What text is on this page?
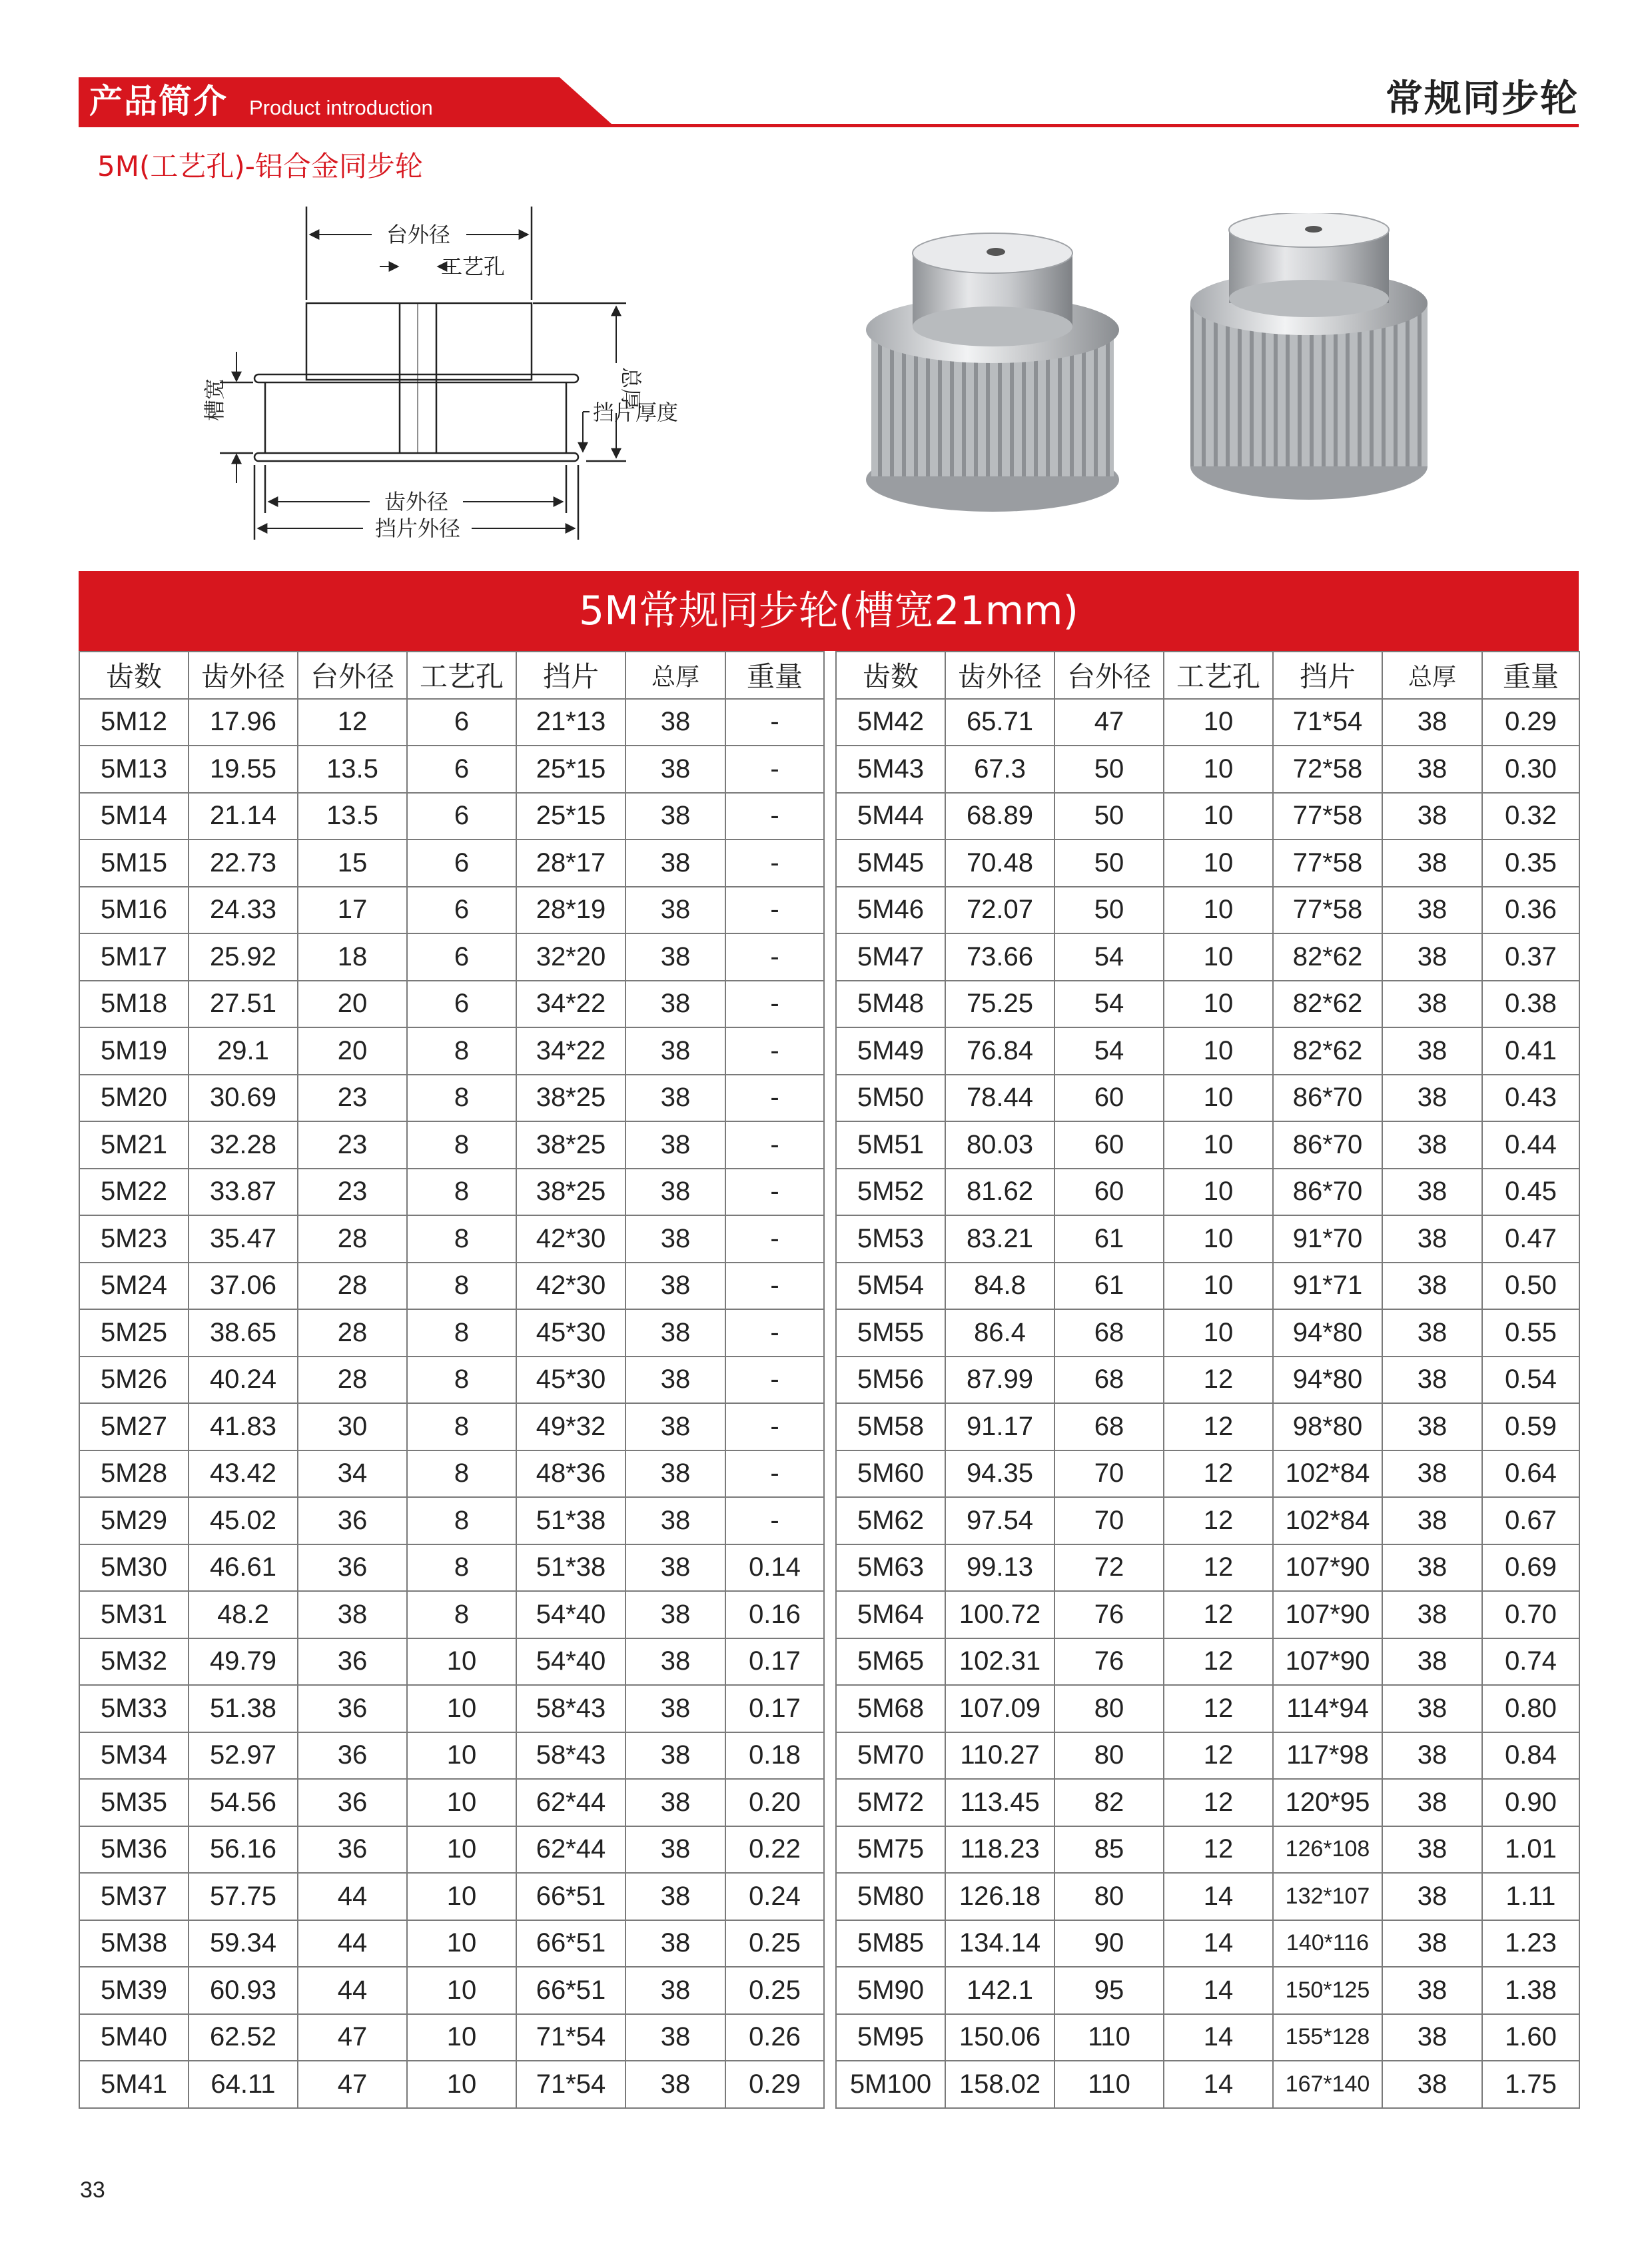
产品简介 Product introduction	常规同步轮
5M(工艺孔)-铝合金同步轮
台外径
工艺孔
槽宽	挡片厚度
总厚
齿外径
挡片外径
5M常规同步轮(槽宽21mm)
齿数	齿外径	台外径	工艺孔	挡片	总厚	重量
5M12	17.96	12	6	21*13	38	-
5M13	19.55	13.5	6	25*15	38	-
5M14	21.14	13.5	6	25*15	38	-
5M15	22.73	15	6	28*17	38	-
5M16	24.33	17	6	28*19	38	-
5M17	25.92	18	6	32*20	38	-
5M18	27.51	20	6	34*22	38	-
5M19	29.1	20	8	34*22	38	-
5M20	30.69	23	8	38*25	38	-
5M21	32.28	23	8	38*25	38	-
5M22	33.87	23	8	38*25	38	-
5M23	35.47	28	8	42*30	38	-
5M24	37.06	28	8	42*30	38	-
5M25	38.65	28	8	45*30	38	-
5M26	40.24	28	8	45*30	38	-
5M27	41.83	30	8	49*32	38	-
5M28	43.42	34	8	48*36	38	-
5M29	45.02	36	8	51*38	38	-
5M30	46.61	36	8	51*38	38	0.14
5M31	48.2	38	8	54*40	38	0.16
5M32	49.79	36	10	54*40	38	0.17
5M33	51.38	36	10	58*43	38	0.17
5M34	52.97	36	10	58*43	38	0.18
5M35	54.56	36	10	62*44	38	0.20
5M36	56.16	36	10	62*44	38	0.22
5M37	57.75	44	10	66*51	38	0.24
5M38	59.34	44	10	66*51	38	0.25
5M39	60.93	44	10	66*51	38	0.25
5M40	62.52	47	10	71*54	38	0.26
5M41	64.11	47	10	71*54	38	0.29
齿数	齿外径	台外径	工艺孔	挡片	总厚	重量
5M42	65.71	47	10	71*54	38	0.29
5M43	67.3	50	10	72*58	38	0.30
5M44	68.89	50	10	77*58	38	0.32
5M45	70.48	50	10	77*58	38	0.35
5M46	72.07	50	10	77*58	38	0.36
5M47	73.66	54	10	82*62	38	0.37
5M48	75.25	54	10	82*62	38	0.38
5M49	76.84	54	10	82*62	38	0.41
5M50	78.44	60	10	86*70	38	0.43
5M51	80.03	60	10	86*70	38	0.44
5M52	81.62	60	10	86*70	38	0.45
5M53	83.21	61	10	91*70	38	0.47
5M54	84.8	61	10	91*71	38	0.50
5M55	86.4	68	10	94*80	38	0.55
5M56	87.99	68	12	94*80	38	0.54
5M58	91.17	68	12	98*80	38	0.59
5M60	94.35	70	12	102*84	38	0.64
5M62	97.54	70	12	102*84	38	0.67
5M63	99.13	72	12	107*90	38	0.69
5M64	100.72	76	12	107*90	38	0.70
5M65	102.31	76	12	107*90	38	0.74
5M68	107.09	80	12	114*94	38	0.80
5M70	110.27	80	12	117*98	38	0.84
5M72	113.45	82	12	120*95	38	0.90
5M75	118.23	85	12	126*108	38	1.01
5M80	126.18	80	14	132*107	38	1.11
5M85	134.14	90	14	140*116	38	1.23
5M90	142.1	95	14	150*125	38	1.38
5M95	150.06	110	14	155*128	38	1.60
5M100	158.02	110	14	167*140	38	1.75
33
